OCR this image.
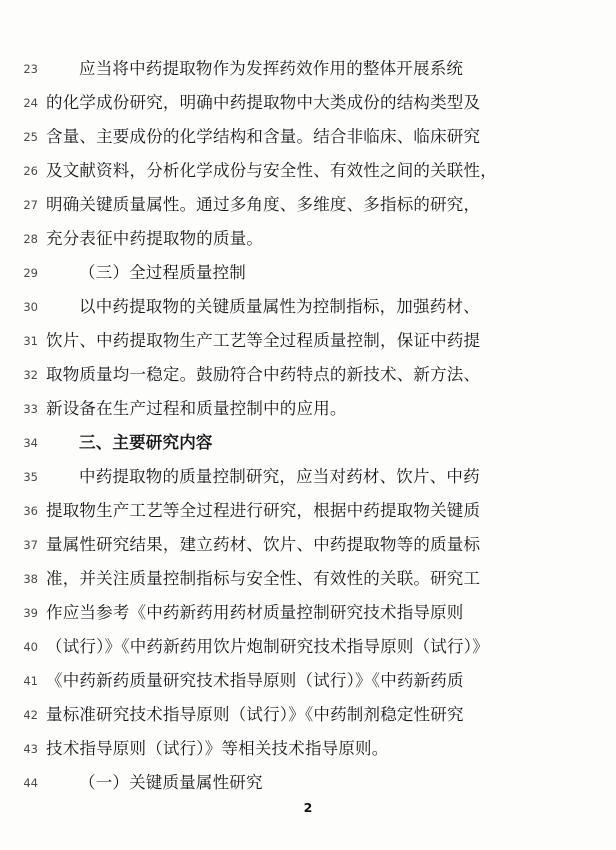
23	应当将中药提取物作为发挥药效作用的整体开展系统
24 的化学成份研究，明确中药提取物中大类成份的结构类型及
25 含量、主要成份的化学结构和含量。结合非临床、临床研究
26 及文献资料，分析化学成份与安全性、有效性之间的关联性，
27 明确关键质量属性。通过多角度、多维度、多指标的研究，
28 充分表征中药提取物的质量。
29	（三）全过程质量控制
30	以中药提取物的关键质量属性为控制指标，加强药材、
31 饮片、中药提取物生产工艺等全过程质量控制，保证中药提
32 取物质量均一稳定。鼓励符合中药特点的新技术、新方法、
33 新设备在生产过程和质量控制中的应用。
34	三、主要研究内容
35	中药提取物的质量控制研究，应当对药材、饮片、中药
36 提取物生产工艺等全过程进行研究，根据中药提取物关键质
37 量属性研究结果，建立药材、饮片、中药提取物等的质量标
38 准，并关注质量控制指标与安全性、有效性的关联。研究工
39 作应当参考《中药新药用药材质量控制研究技术指导原则
40 （试行）》《中药新药用饮片炮制研究技术指导原则（试行）》
41 《中药新药质量研究技术指导原则（试行）》《中药新药质
42 量标准研究技术指导原则（试行）》《中药制剂稳定性研究
43 技术指导原则（试行）》等相关技术指导原则。
44	（一）关键质量属性研究
2
